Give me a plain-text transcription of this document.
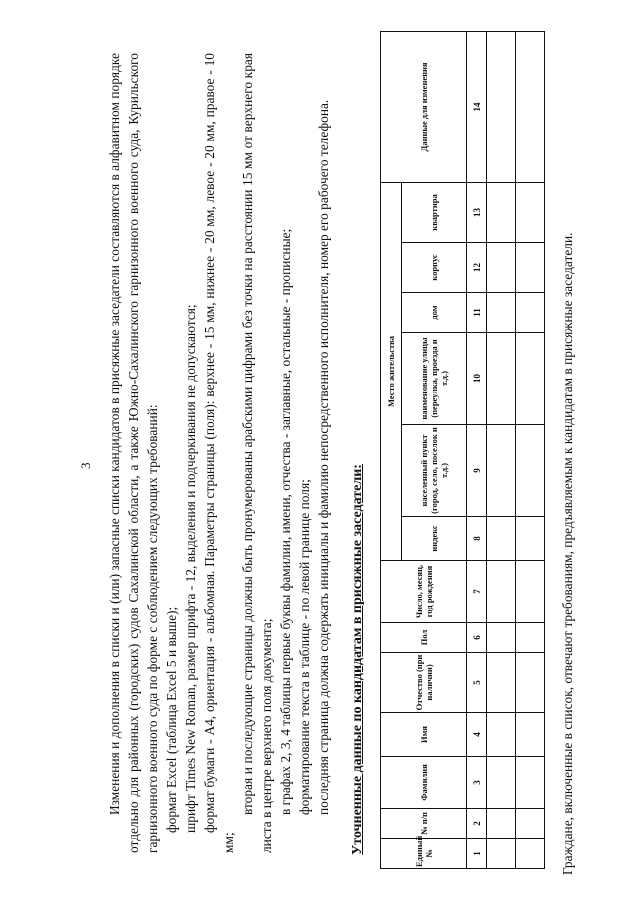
3 Изменения и дополнения в списки и (или) запасные списки кандидатов в присяжные заседатели составляются в алфавитном порядке отдельно для районных (городских) судов Сахалинской области, а также Южно-Сахалинского гарнизонного военного суда, Курильского гарнизонного военного суда по форме с соблюдением следующих требований: формат Excel (таблица Excel 5 и выше); шрифт Times New Roman, размер шрифта - 12, выделения и подчеркивания не допускаются; формат бумаги - А4, ориентация - альбомная. Параметры страницы (поля): верхнее - 15 мм, нижнее - 20 мм, левое - 20 мм, правое - 10 мм;

вторая и последующие страницы должны быть пронумерованы арабскими цифрами без точки на расстоянии 15 мм от верхнего края листа в центре верхнего поля документа; в графах 2, 3, 4 таблицы первые буквы фамилии, имени, отчества - заглавные, остальные - прописные; форматирование текста в таблице - по левой границе поля; последняя страница должна содержать инициалы и фамилию непосредственного исполнителя, номер его рабочего телефона. Уточненные данные по кандидатам в присяжные заседатели:	Единый №	№ п/п	Фамилия	Имя	Отчество (при наличии)	Пол	Число, месяц, год рождения	Место жительства						Данные для изменения
							индекс	населенный пункт (город, село, поселок и т.д.)	наименование улицы (переулка, проезда и т.д.)	дом	корпус	квартира	
1	2	3	4	5	6	7	8	9	10	11	12	13	14

Граждане, включенные в список, отвечают требованиям, предъявляемым к кандидатам в присяжные заседатели.
